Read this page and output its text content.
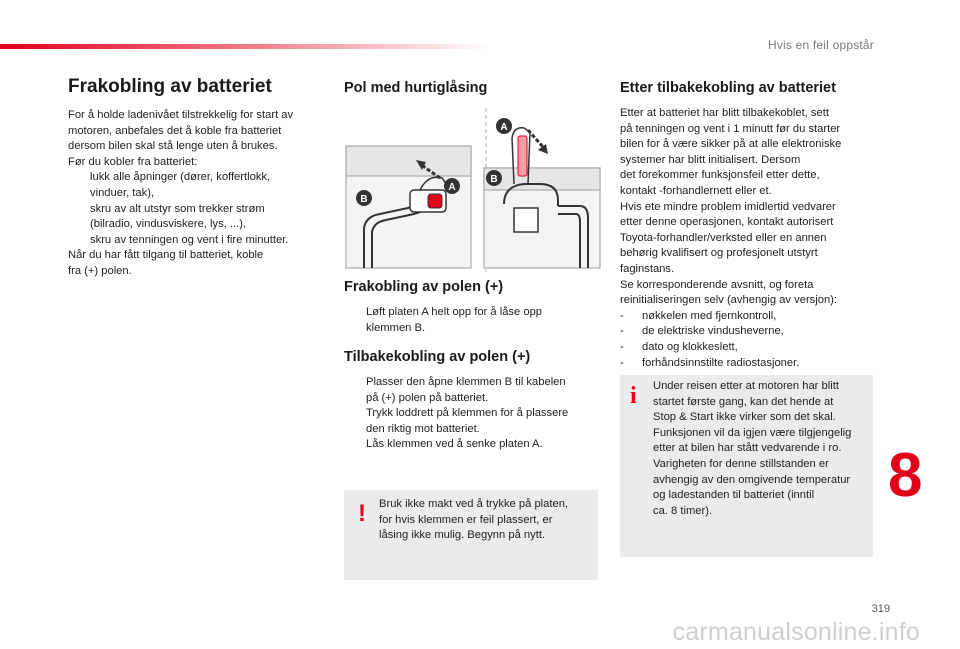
Hvis en feil oppstår
Frakobling av batteriet

For å holde ladenivået tilstrekkelig for start av

motoren, anbefales det å koble fra batteriet

dersom bilen skal stå lenge uten å brukes.

Før du kobler fra batteriet:

lukk alle åpninger (dører, koffertlokk,

vinduer, tak),

skru av alt utstyr som trekker strøm

(bilradio, vindusviskere, lys, ...),

skru av tenningen og vent i fire minutter.

Når du har fått tilgang til batteriet, koble

fra (+) polen.

Pol med hurtiglåsing
A
B
A
B
Frakobling av polen (+)

Løft platen A helt opp for å låse opp

klemmen B.

Tilbakekobling av polen (+)

Plasser den åpne klemmen B til kabelen

på (+) polen på batteriet.

Trykk loddrett på klemmen for å plassere

den riktig mot batteriet.

Lås klemmen ved å senke platen A.

! Bruk ikke makt ved å trykke på platen,

for hvis klemmen er feil plassert, er

låsing ikke mulig. Begynn på nytt.

Etter tilbakekobling av batteriet

Etter at batteriet har blitt tilbakekoblet, sett

på tenningen og vent i 1 minutt før du starter

bilen for å være sikker på at alle elektroniske

systemer har blitt initialisert. Dersom

det forekommer funksjonsfeil etter dette,

kontakt -forhandlernett eller et.

Hvis ete mindre problem imidlertid vedvarer

etter denne operasjonen, kontakt autorisert

Toyota-forhandler/verksted eller en annen

behørig kvalifisert og profesjonelt utstyrt

faginstans.

Se korresponderende avsnitt, og foreta

reinitialiseringen selv (avhengig av versjon):

- nøkkelen med fjernkontroll,

- de elektriske vindusheverne,

- dato og klokkeslett,

- forhåndsinnstilte radiostasjoner.

i Under reisen etter at motoren har blitt

startet første gang, kan det hende at

Stop & Start ikke virker som det skal.

Funksjonen vil da igjen være tilgjengelig

etter at bilen har stått vedvarende i ro.

Varigheten for denne stillstanden er

avhengig av den omgivende temperatur

og ladestanden til batteriet (inntil

ca. 8 timer).

8
319
carmanualsonline.info
